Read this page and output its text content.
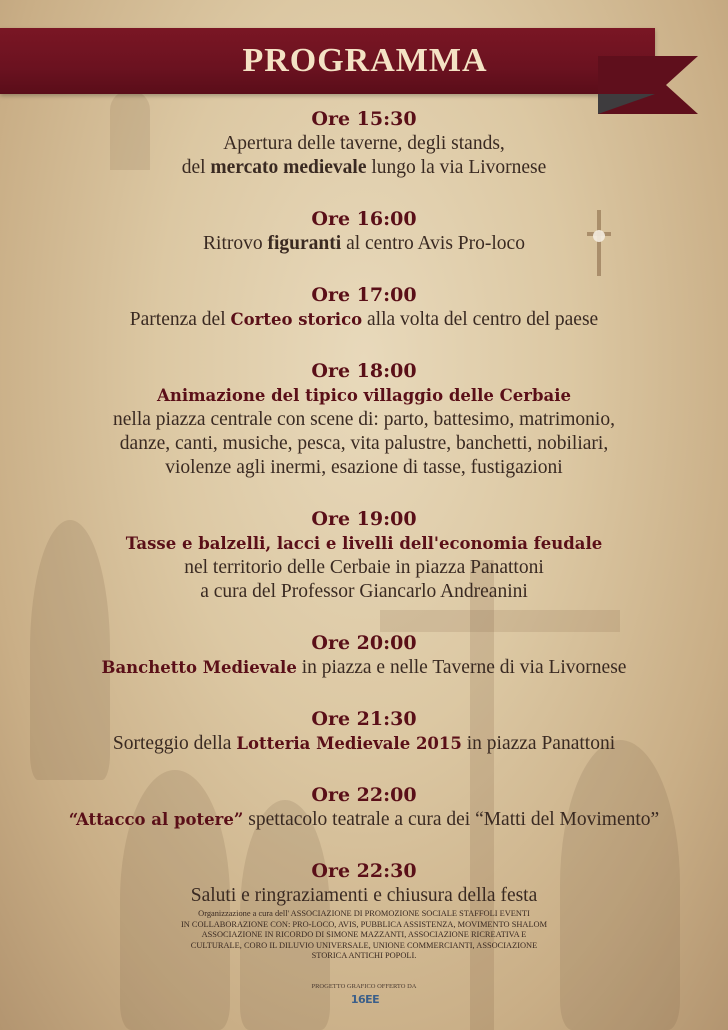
PROGRAMMA
Ore 15:30
Apertura delle taverne, degli stands,
del mercato medievale lungo la via Livornese
Ore 16:00
Ritrovo figuranti al centro Avis Pro-loco
Ore 17:00
Partenza del Corteo storico alla volta del centro del paese
Ore 18:00
Animazione del tipico villaggio delle Cerbaie
nella piazza centrale con scene di: parto, battesimo, matrimonio,
danze, canti, musiche, pesca, vita palustre, banchetti, nobiliari,
violenze agli inermi, esazione di tasse, fustigazioni
Ore 19:00
Tasse e balzelli, lacci e livelli dell'economia feudale
nel territorio delle Cerbaie in piazza Panattoni
a cura del Professor Giancarlo Andreanini
Ore 20:00
Banchetto Medievale in piazza e nelle Taverne di via Livornese
Ore 21:30
Sorteggio della Lotteria Medievale 2015 in piazza Panattoni
Ore 22:00
“Attacco al potere” spettacolo teatrale a cura dei “Matti del Movimento”
Ore 22:30
Saluti e ringraziamenti e chiusura della festa
Organizzazione a cura dell' ASSOCIAZIONE DI PROMOZIONE SOCIALE STAFFOLI EVENTI
IN COLLABORAZIONE CON: PRO-LOCO, AVIS, PUBBLICA ASSISTENZA, MOVIMENTO SHALOM
ASSOCIAZIONE IN RICORDO DI SIMONE MAZZANTI, ASSOCIAZIONE RICREATIVA E
CULTURALE, CORO IL DILUVIO UNIVERSALE, UNIONE COMMERCIANTI, ASSOCIAZIONE
STORICA ANTICHI POPOLI.
PROGETTO GRAFICO OFFERTO DA
16EE
